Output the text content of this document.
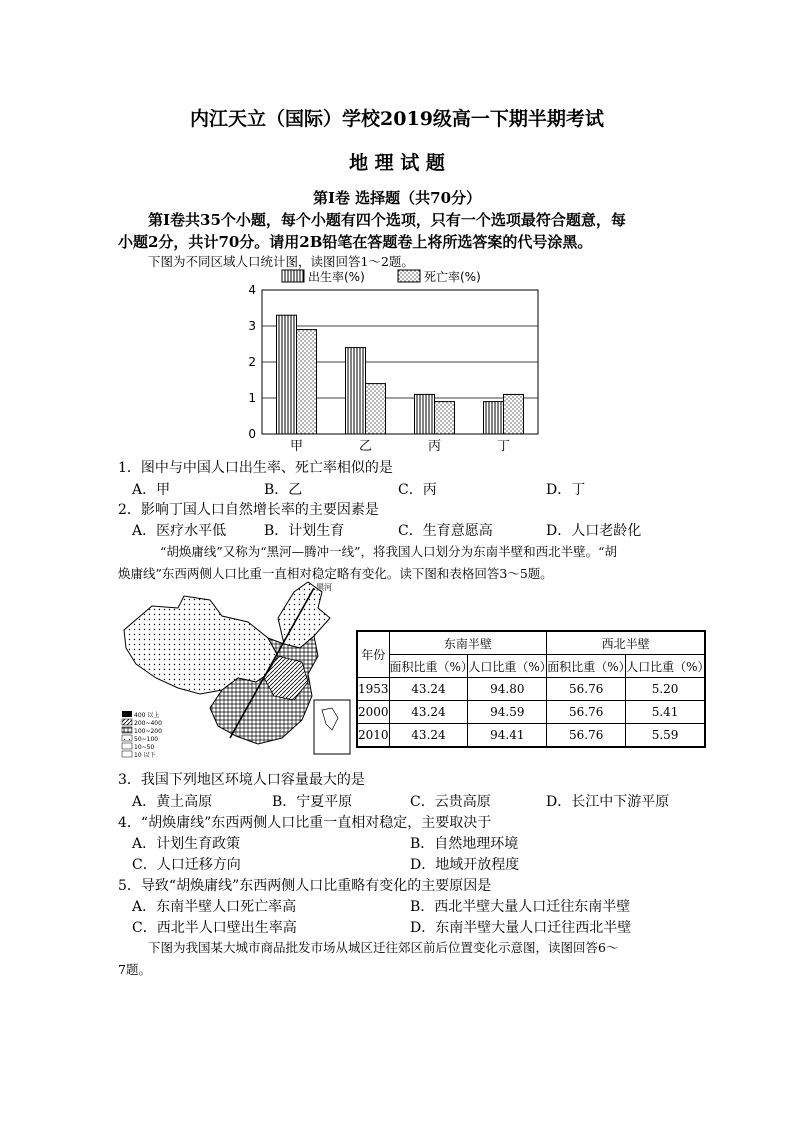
内江天立（国际）学校2019级高一下期半期考试
地 理 试 题
第Ⅰ卷 选择题（共70分）
第Ⅰ卷共35个小题，每个小题有四个选项，只有一个选项最符合题意，每
小题2分，共计70分。请用2B铅笔在答题卷上将所选答案的代号涂黑。
下图为不同区域人口统计图，读图回答1～2题。
出生率(%)	死亡率(%)
0
1
2
3
4
甲	乙	丙	丁
1．图中与中国人口出生率、死亡率相似的是
A．甲	B．乙	C．丙	D．丁
2．影响丁国人口自然增长率的主要因素是
A．医疗水平低	B．计划生育	C．生育意愿高	D．人口老龄化
“胡焕庸线”又称为“黑河—腾冲一线”，将我国人口划分为东南半壁和西北半壁。“胡
焕庸线”东西两侧人口比重一直相对稳定略有变化。读下图和表格回答3～5题。
黑河
400 以上
200~400
100~200
50~100
10~50
10 以下
年份	东南半壁		西北半壁	
	面积比重（%）	人口比重（%）	面积比重（%）	人口比重（%）
1953	43.24	94.80	56.76	5.20
2000	43.24	94.59	56.76	5.41
2010	43.24	94.41	56.76	5.59
3．我国下列地区环境人口容量最大的是
A．黄土高原	B．宁夏平原	C．云贵高原	D．长江中下游平原
4．“胡焕庸线”东西两侧人口比重一直相对稳定，主要取决于
A．计划生育政策	B．自然地理环境
C．人口迁移方向	D．地域开放程度
5．导致“胡焕庸线”东西两侧人口比重略有变化的主要原因是
A．东南半壁人口死亡率高	B．西北半壁大量人口迁往东南半壁
C．西北半人口壁出生率高	D．东南半壁大量人口迁往西北半壁
下图为我国某大城市商品批发市场从城区迁往郊区前后位置变化示意图，读图回答6～
7题。
